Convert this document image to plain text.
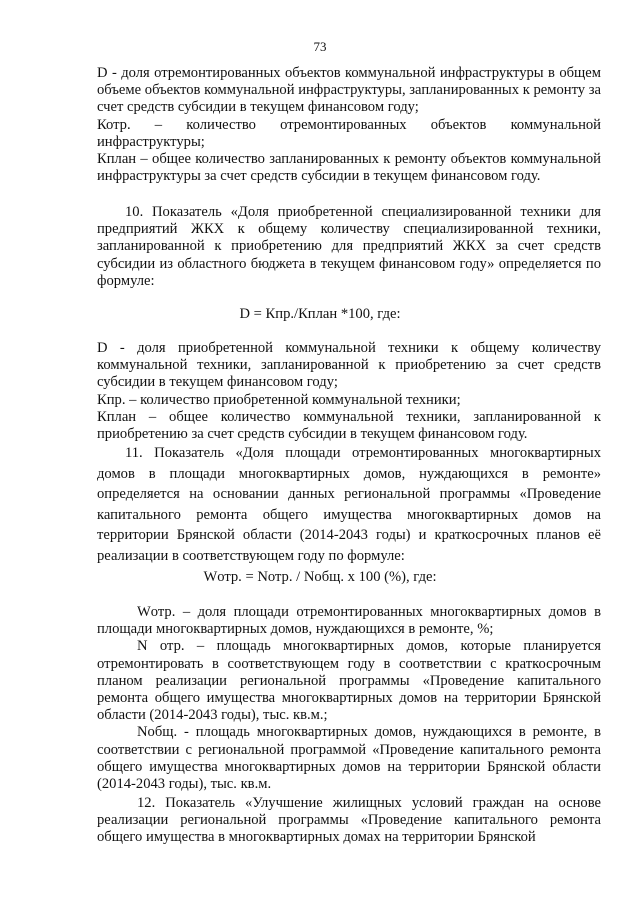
73

D - доля отремонтированных объектов коммунальной инфраструктуры в общем объеме объектов коммунальной инфраструктуры, запланированных к ремонту за счет средств субсидии в текущем финансовом году;

Котр. – количество отремонтированных объектов коммунальной инфраструктуры;

Кплан – общее количество запланированных к ремонту объектов коммунальной инфраструктуры за счет средств субсидии в текущем финансовом году.

10. Показатель «Доля приобретенной специализированной техники для предприятий ЖКХ к общему количеству специализированной техники, запланированной к приобретению для предприятий ЖКХ за счет средств субсидии из областного бюджета в текущем финансовом году» определяется по формуле:

D = Кпр./Кплан *100, где:

D - доля приобретенной коммунальной техники к общему количеству коммунальной техники, запланированной к приобретению за счет средств субсидии в текущем финансовом году;

Кпр. – количество приобретенной коммунальной техники;

Кплан – общее количество коммунальной техники, запланированной к приобретению за счет средств субсидии в текущем финансовом году.

11. Показатель «Доля площади отремонтированных многоквартирных домов в площади многоквартирных домов, нуждающихся в ремонте» определяется на основании данных региональной программы «Проведение капитального ремонта общего имущества многоквартирных домов на территории Брянской области (2014-2043 годы) и краткосрочных планов её реализации в соответствующем году по формуле:

Wотр. = Nотр. / Nобщ. х 100 (%), где:

Wотр. – доля площади отремонтированных многоквартирных домов в площади многоквартирных домов, нуждающихся в ремонте, %;

N отр. – площадь многоквартирных домов, которые планируется отремонтировать в соответствующем году в соответствии с краткосрочным планом реализации региональной программы «Проведение капитального ремонта общего имущества многоквартирных домов на территории Брянской области (2014-2043 годы), тыс. кв.м.;

Nобщ. - площадь многоквартирных домов, нуждающихся в ремонте, в соответствии с региональной программой «Проведение капитального ремонта общего имущества многоквартирных домов на территории Брянской области (2014-2043 годы), тыс. кв.м.

12. Показатель «Улучшение жилищных условий граждан на основе реализации региональной программы «Проведение капитального ремонта общего имущества в многоквартирных домах на территории Брянской
